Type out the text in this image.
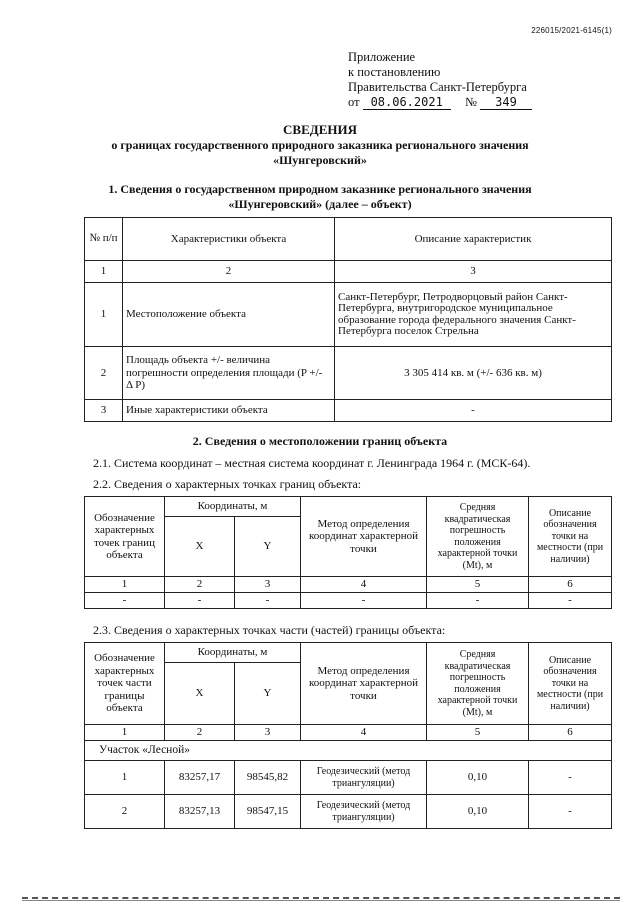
226015/2021-6145(1)
Приложение
к постановлению
Правительства Санкт-Петербурга
от 08.06.2021 № 349
СВЕДЕНИЯ
о границах государственного природного заказника регионального значения
«Шунгеровский»
1. Сведения о государственном природном заказнике регионального значения
«Шунгеровский» (далее – объект)
№ п/п	Характеристики объекта	Описание характеристик
1	2	3
1	Местоположение объекта	Санкт-Петербург, Петродворцовый район Санкт-Петербурга, внутригородское муниципальное образование города федерального значения Санкт-Петербурга поселок Стрельна
2	Площадь объекта +/- величина погрешности определения площади (P +/- Δ P)	3 305 414 кв. м (+/- 636 кв. м)
3	Иные характеристики объекта	-
2. Сведения о местоположении границ объекта
2.1. Система координат – местная система координат г. Ленинграда 1964 г. (МСК-64).
2.2. Сведения о характерных точках границ объекта:
Обозначение характерных точек границ объекта	Координаты, м		Метод определения координат характерной точки	Средняя квадратическая погрешность положения характерной точки (Mt), м	Описание обозначения точки на местности (при наличии)
	X	Y			
1	2	3	4	5	6
-	-	-	-	-	-
2.3. Сведения о характерных точках части (частей) границы объекта:
Обозначение характерных точек части границы объекта	Координаты, м		Метод определения координат характерной точки	Средняя квадратическая погрешность положения характерной точки (Mt), м	Описание обозначения точки на местности (при наличии)
	X	Y			
1	2	3	4	5	6
Участок «Лесной»					
1	83257,17	98545,82	Геодезический (метод триангуляции)	0,10	-
2	83257,13	98547,15	Геодезический (метод триангуляции)	0,10	-
